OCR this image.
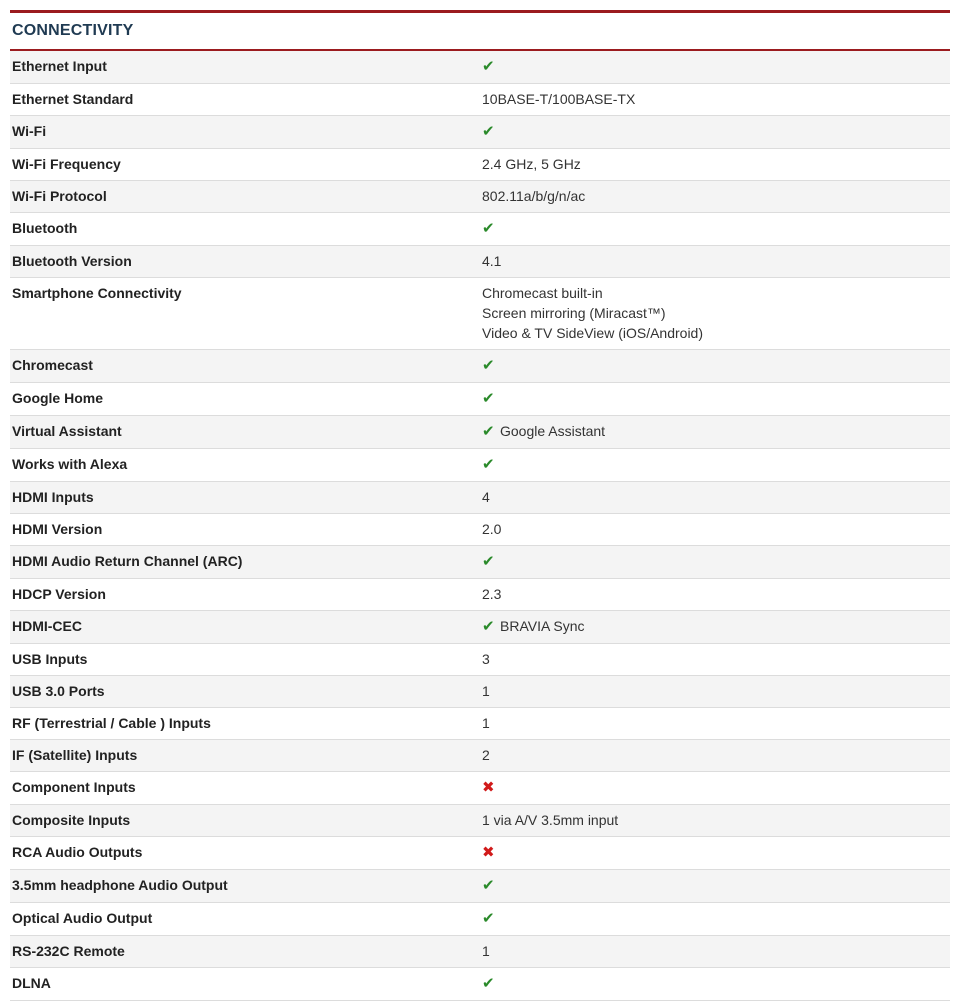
CONNECTIVITY
Ethernet Input	✔
Ethernet Standard	10BASE-T/100BASE-TX
Wi-Fi	✔
Wi-Fi Frequency	2.4 GHz, 5 GHz
Wi-Fi Protocol	802.11a/b/g/n/ac
Bluetooth	✔
Bluetooth Version	4.1
Smartphone Connectivity	Chromecast built-in
Screen mirroring (Miracast™)
Video & TV SideView (iOS/Android)
Chromecast	✔
Google Home	✔
Virtual Assistant	✔ Google Assistant
Works with Alexa	✔
HDMI Inputs	4
HDMI Version	2.0
HDMI Audio Return Channel (ARC)	✔
HDCP Version	2.3
HDMI-CEC	✔ BRAVIA Sync
USB Inputs	3
USB 3.0 Ports	1
RF (Terrestrial / Cable ) Inputs	1
IF (Satellite) Inputs	2
Component Inputs	✖
Composite Inputs	1 via A/V 3.5mm input
RCA Audio Outputs	✖
3.5mm headphone Audio Output	✔
Optical Audio Output	✔
RS-232C Remote	1
DLNA	✔
